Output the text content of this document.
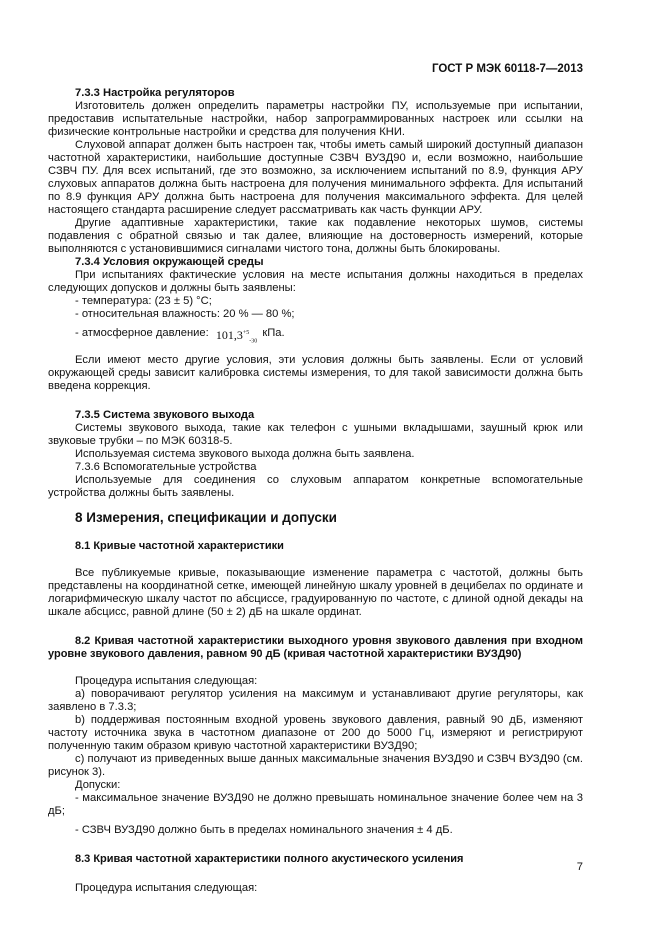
ГОСТ Р МЭК 60118-7—2013

7.3.3 Настройка регуляторов

Изготовитель должен определить параметры настройки ПУ, используемые при испытании, предоставив испытательные настройки, набор запрограммированных настроек или ссылки на физические контрольные настройки и средства для получения КНИ.

Слуховой аппарат должен быть настроен так, чтобы иметь самый широкий доступный диапазон частотной характеристики, наибольшие доступные СЗВЧ ВУЗД90 и, если возможно, наибольшие СЗВЧ ПУ. Для всех испытаний, где это возможно, за исключением испытаний по 8.9, функция АРУ слуховых аппаратов должна быть настроена для получения минимального эффекта. Для испытаний по 8.9 функция АРУ должна быть настроена для получения максимального эффекта. Для целей настоящего стандарта расширение следует рассматривать как часть функции АРУ.

Другие адаптивные характеристики, такие как подавление некоторых шумов, системы подавления с обратной связью и так далее, влияющие на достоверность измерений, которые выполняются с установившимися сигналами чистого тона, должны быть блокированы.

7.3.4 Условия окружающей среды

При испытаниях фактические условия на месте испытания должны находиться в пределах следующих допусков и должны быть заявлены:

- температура: (23 ± 5) °С;

- относительная влажность: 20 % — 80 %;

- атмосферное давление: $101,3^{+5}_{-30}$ кПа.

Если имеют место другие условия, эти условия должны быть заявлены. Если от условий окружающей среды зависит калибровка системы измерения, то для такой зависимости должна быть введена коррекция.

7.3.5 Система звукового выхода

Системы звукового выхода, такие как телефон с ушными вкладышами, заушный крюк или звуковые трубки – по МЭК 60318-5.

Используемая система звукового выхода должна быть заявлена.

7.3.6 Вспомогательные устройства

Используемые для соединения со слуховым аппаратом конкретные вспомогательные устройства должны быть заявлены.

8 Измерения, спецификации и допуски

8.1 Кривые частотной характеристики

Все публикуемые кривые, показывающие изменение параметра с частотой, должны быть представлены на координатной сетке, имеющей линейную шкалу уровней в децибелах по ординате и логарифмическую шкалу частот по абсциссе, градуированную по частоте, с длиной одной декады на шкале абсцисс, равной длине (50 ± 2) дБ на шкале ординат.

8.2 Кривая частотной характеристики выходного уровня звукового давления при входном уровне звукового давления, равном 90 дБ (кривая частотной характеристики ВУЗД90)

Процедура испытания следующая:

а) поворачивают регулятор усиления на максимум и устанавливают другие регуляторы, как заявлено в 7.3.3;

b) поддерживая постоянным входной уровень звукового давления, равный 90 дБ, изменяют частоту источника звука в частотном диапазоне от 200 до 5000 Гц, измеряют и регистрируют полученную таким образом кривую частотной характеристики ВУЗД90;

с) получают из приведенных выше данных максимальные значения ВУЗД90 и СЗВЧ ВУЗД90 (см. рисунок 3).

Допуски:

- максимальное значение ВУЗД90 не должно превышать номинальное значение более чем на 3 дБ;

- СЗВЧ ВУЗД90 должно быть в пределах номинального значения ± 4 дБ.

8.3 Кривая частотной характеристики полного акустического усиления

Процедура испытания следующая:

7
